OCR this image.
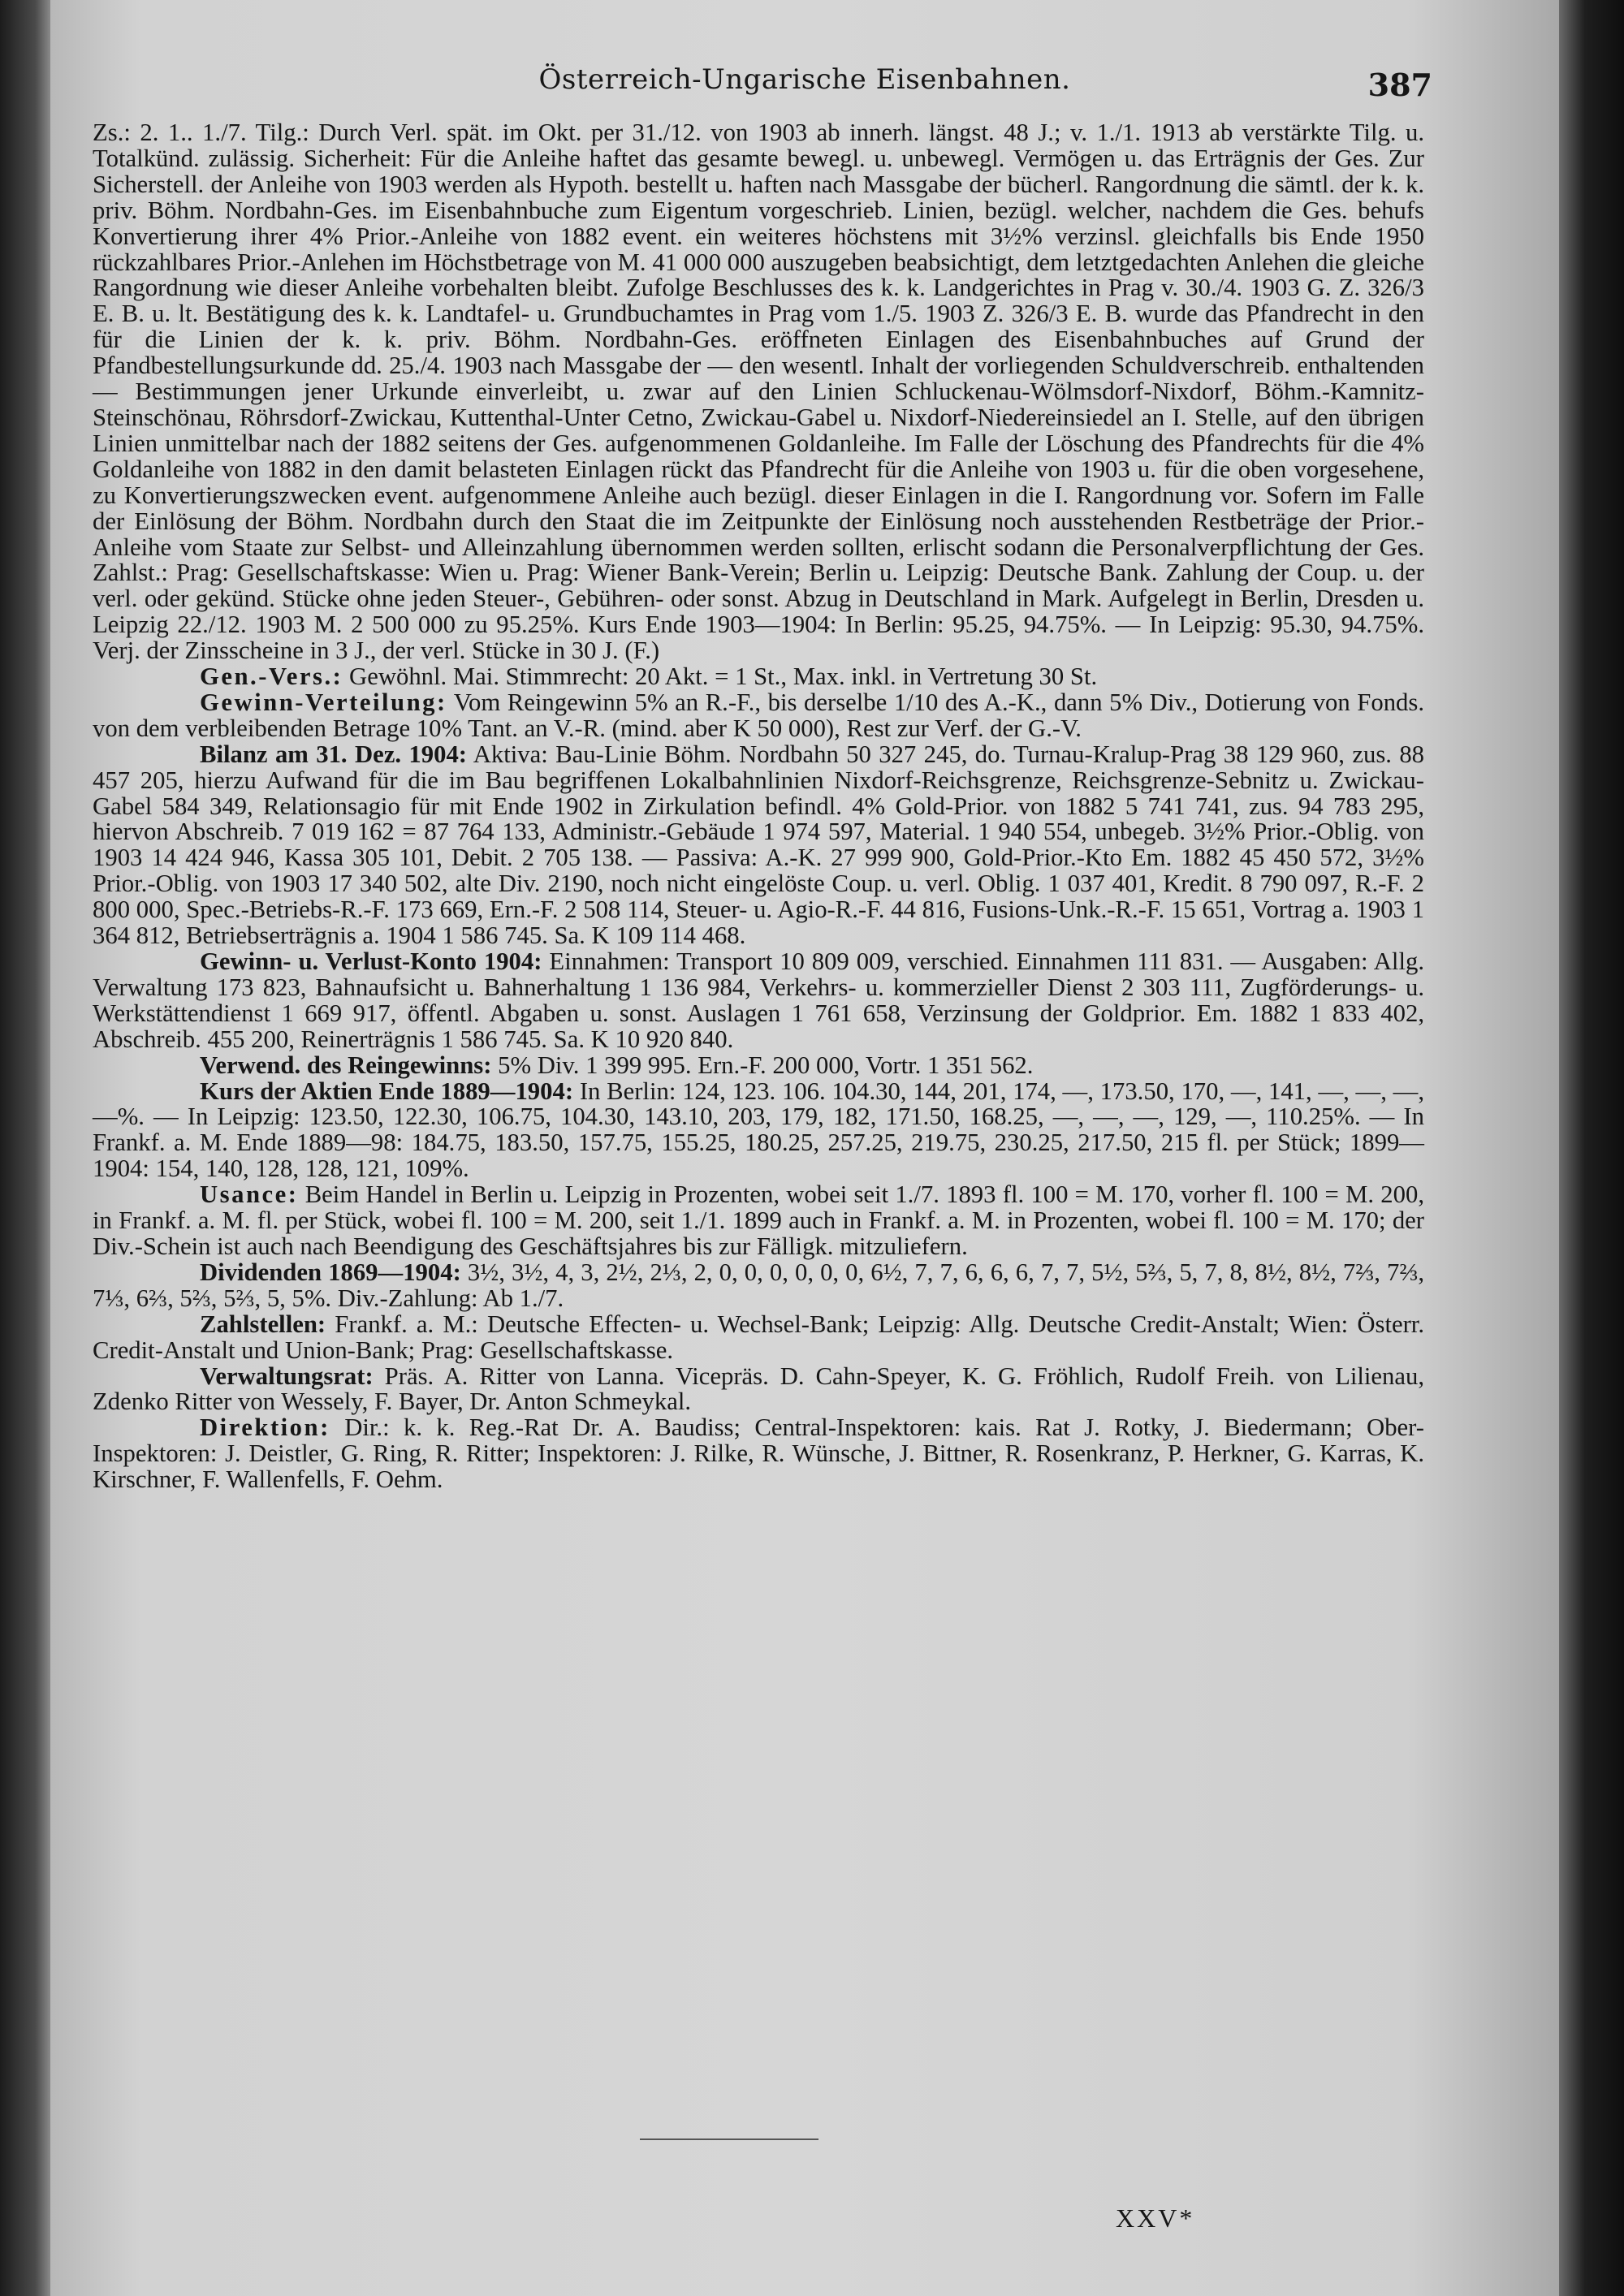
Österreich-Ungarische Eisenbahnen.	387

Zs.: 2. 1.. 1./7. Tilg.: Durch Verl. spät. im Okt. per 31./12. von 1903 ab innerh. längst. 48 J.; v. 1./1. 1913 ab verstärkte Tilg. u. Totalkünd. zulässig. Sicherheit: Für die Anleihe haftet das gesamte bewegl. u. unbewegl. Vermögen u. das Erträgnis der Ges. Zur Sicherstell. der Anleihe von 1903 werden als Hypoth. bestellt u. haften nach Massgabe der bücherl. Rangordnung die sämtl. der k. k. priv. Böhm. Nordbahn-Ges. im Eisenbahnbuche zum Eigentum vorgeschrieb. Linien, bezügl. welcher, nachdem die Ges. behufs Konvertierung ihrer 4% Prior.-Anleihe von 1882 event. ein weiteres höchstens mit 3½% verzinsl. gleichfalls bis Ende 1950 rückzahlbares Prior.-Anlehen im Höchstbetrage von M. 41 000 000 auszugeben beabsichtigt, dem letztgedachten Anlehen die gleiche Rangordnung wie dieser Anleihe vorbehalten bleibt. Zufolge Beschlusses des k. k. Landgerichtes in Prag v. 30./4. 1903 G. Z. 326/3 E. B. u. lt. Bestätigung des k. k. Landtafel- u. Grundbuchamtes in Prag vom 1./5. 1903 Z. 326/3 E. B. wurde das Pfandrecht in den für die Linien der k. k. priv. Böhm. Nordbahn-Ges. eröffneten Einlagen des Eisenbahnbuches auf Grund der Pfandbestellungsurkunde dd. 25./4. 1903 nach Massgabe der — den wesentl. Inhalt der vorliegenden Schuldverschreib. enthaltenden — Bestimmungen jener Urkunde einverleibt, u. zwar auf den Linien Schluckenau-Wölmsdorf-Nixdorf, Böhm.-Kamnitz-Steinschönau, Röhrsdorf-Zwickau, Kuttenthal-Unter Cetno, Zwickau-Gabel u. Nixdorf-Niedereinsiedel an I. Stelle, auf den übrigen Linien unmittelbar nach der 1882 seitens der Ges. aufgenommenen Goldanleihe. Im Falle der Löschung des Pfandrechts für die 4% Goldanleihe von 1882 in den damit belasteten Einlagen rückt das Pfandrecht für die Anleihe von 1903 u. für die oben vorgesehene, zu Konvertierungszwecken event. aufgenommene Anleihe auch bezügl. dieser Einlagen in die I. Rangordnung vor. Sofern im Falle der Einlösung der Böhm. Nordbahn durch den Staat die im Zeitpunkte der Einlösung noch ausstehenden Restbeträge der Prior.-Anleihe vom Staate zur Selbst- und Alleinzahlung übernommen werden sollten, erlischt sodann die Personalverpflichtung der Ges. Zahlst.: Prag: Gesellschaftskasse: Wien u. Prag: Wiener Bank-Verein; Berlin u. Leipzig: Deutsche Bank. Zahlung der Coup. u. der verl. oder gekünd. Stücke ohne jeden Steuer-, Gebühren- oder sonst. Abzug in Deutschland in Mark. Aufgelegt in Berlin, Dresden u. Leipzig 22./12. 1903 M. 2 500 000 zu 95.25%. Kurs Ende 1903—1904: In Berlin: 95.25, 94.75%. — In Leipzig: 95.30, 94.75%. Verj. der Zinsscheine in 3 J., der verl. Stücke in 30 J. (F.)

Gen.-Vers.: Gewöhnl. Mai. Stimmrecht: 20 Akt. = 1 St., Max. inkl. in Vertretung 30 St.

Gewinn-Verteilung: Vom Reingewinn 5% an R.-F., bis derselbe 1/10 des A.-K., dann 5% Div., Dotierung von Fonds. von dem verbleibenden Betrage 10% Tant. an V.-R. (mind. aber K 50 000), Rest zur Verf. der G.-V.

Bilanz am 31. Dez. 1904: Aktiva: Bau-Linie Böhm. Nordbahn 50 327 245, do. Turnau-Kralup-Prag 38 129 960, zus. 88 457 205, hierzu Aufwand für die im Bau begriffenen Lokalbahnlinien Nixdorf-Reichsgrenze, Reichsgrenze-Sebnitz u. Zwickau-Gabel 584 349, Relationsagio für mit Ende 1902 in Zirkulation befindl. 4% Gold-Prior. von 1882 5 741 741, zus. 94 783 295, hiervon Abschreib. 7 019 162 = 87 764 133, Administr.-Gebäude 1 974 597, Material. 1 940 554, unbegeb. 3½% Prior.-Oblig. von 1903 14 424 946, Kassa 305 101, Debit. 2 705 138. — Passiva: A.-K. 27 999 900, Gold-Prior.-Kto Em. 1882 45 450 572, 3½% Prior.-Oblig. von 1903 17 340 502, alte Div. 2190, noch nicht eingelöste Coup. u. verl. Oblig. 1 037 401, Kredit. 8 790 097, R.-F. 2 800 000, Spec.-Betriebs-R.-F. 173 669, Ern.-F. 2 508 114, Steuer- u. Agio-R.-F. 44 816, Fusions-Unk.-R.-F. 15 651, Vortrag a. 1903 1 364 812, Betriebserträgnis a. 1904 1 586 745. Sa. K 109 114 468.

Gewinn- u. Verlust-Konto 1904: Einnahmen: Transport 10 809 009, verschied. Einnahmen 111 831. — Ausgaben: Allg. Verwaltung 173 823, Bahnaufsicht u. Bahnerhaltung 1 136 984, Verkehrs- u. kommerzieller Dienst 2 303 111, Zugförderungs- u. Werkstättendienst 1 669 917, öffentl. Abgaben u. sonst. Auslagen 1 761 658, Verzinsung der Goldprior. Em. 1882 1 833 402, Abschreib. 455 200, Reinerträgnis 1 586 745. Sa. K 10 920 840.

Verwend. des Reingewinns: 5% Div. 1 399 995. Ern.-F. 200 000, Vortr. 1 351 562.

Kurs der Aktien Ende 1889—1904: In Berlin: 124, 123. 106. 104.30, 144, 201, 174, —, 173.50, 170, —, 141, —, —, —, —%. — In Leipzig: 123.50, 122.30, 106.75, 104.30, 143.10, 203, 179, 182, 171.50, 168.25, —, —, —, 129, —, 110.25%. — In Frankf. a. M. Ende 1889—98: 184.75, 183.50, 157.75, 155.25, 180.25, 257.25, 219.75, 230.25, 217.50, 215 fl. per Stück; 1899—1904: 154, 140, 128, 128, 121, 109%.

Usance: Beim Handel in Berlin u. Leipzig in Prozenten, wobei seit 1./7. 1893 fl. 100 = M. 170, vorher fl. 100 = M. 200, in Frankf. a. M. fl. per Stück, wobei fl. 100 = M. 200, seit 1./1. 1899 auch in Frankf. a. M. in Prozenten, wobei fl. 100 = M. 170; der Div.-Schein ist auch nach Beendigung des Geschäftsjahres bis zur Fälligk. mitzuliefern.

Dividenden 1869—1904: 3½, 3½, 4, 3, 2½, 2⅓, 2, 0, 0, 0, 0, 0, 0, 6½, 7, 7, 6, 6, 6, 7, 7, 5½, 5⅔, 5, 7, 8, 8½, 8½, 7⅔, 7⅔, 7⅓, 6⅔, 5⅔, 5⅔, 5, 5%. Div.-Zahlung: Ab 1./7.

Zahlstellen: Frankf. a. M.: Deutsche Effecten- u. Wechsel-Bank; Leipzig: Allg. Deutsche Credit-Anstalt; Wien: Österr. Credit-Anstalt und Union-Bank; Prag: Gesellschaftskasse.

Verwaltungsrat: Präs. A. Ritter von Lanna. Vicepräs. D. Cahn-Speyer, K. G. Fröhlich, Rudolf Freih. von Lilienau, Zdenko Ritter von Wessely, F. Bayer, Dr. Anton Schmeykal.

Direktion: Dir.: k. k. Reg.-Rat Dr. A. Baudiss; Central-Inspektoren: kais. Rat J. Rotky, J. Biedermann; Ober-Inspektoren: J. Deistler, G. Ring, R. Ritter; Inspektoren: J. Rilke, R. Wünsche, J. Bittner, R. Rosenkranz, P. Herkner, G. Karras, K. Kirschner, F. Wallenfells, F. Oehm.

XXV*
